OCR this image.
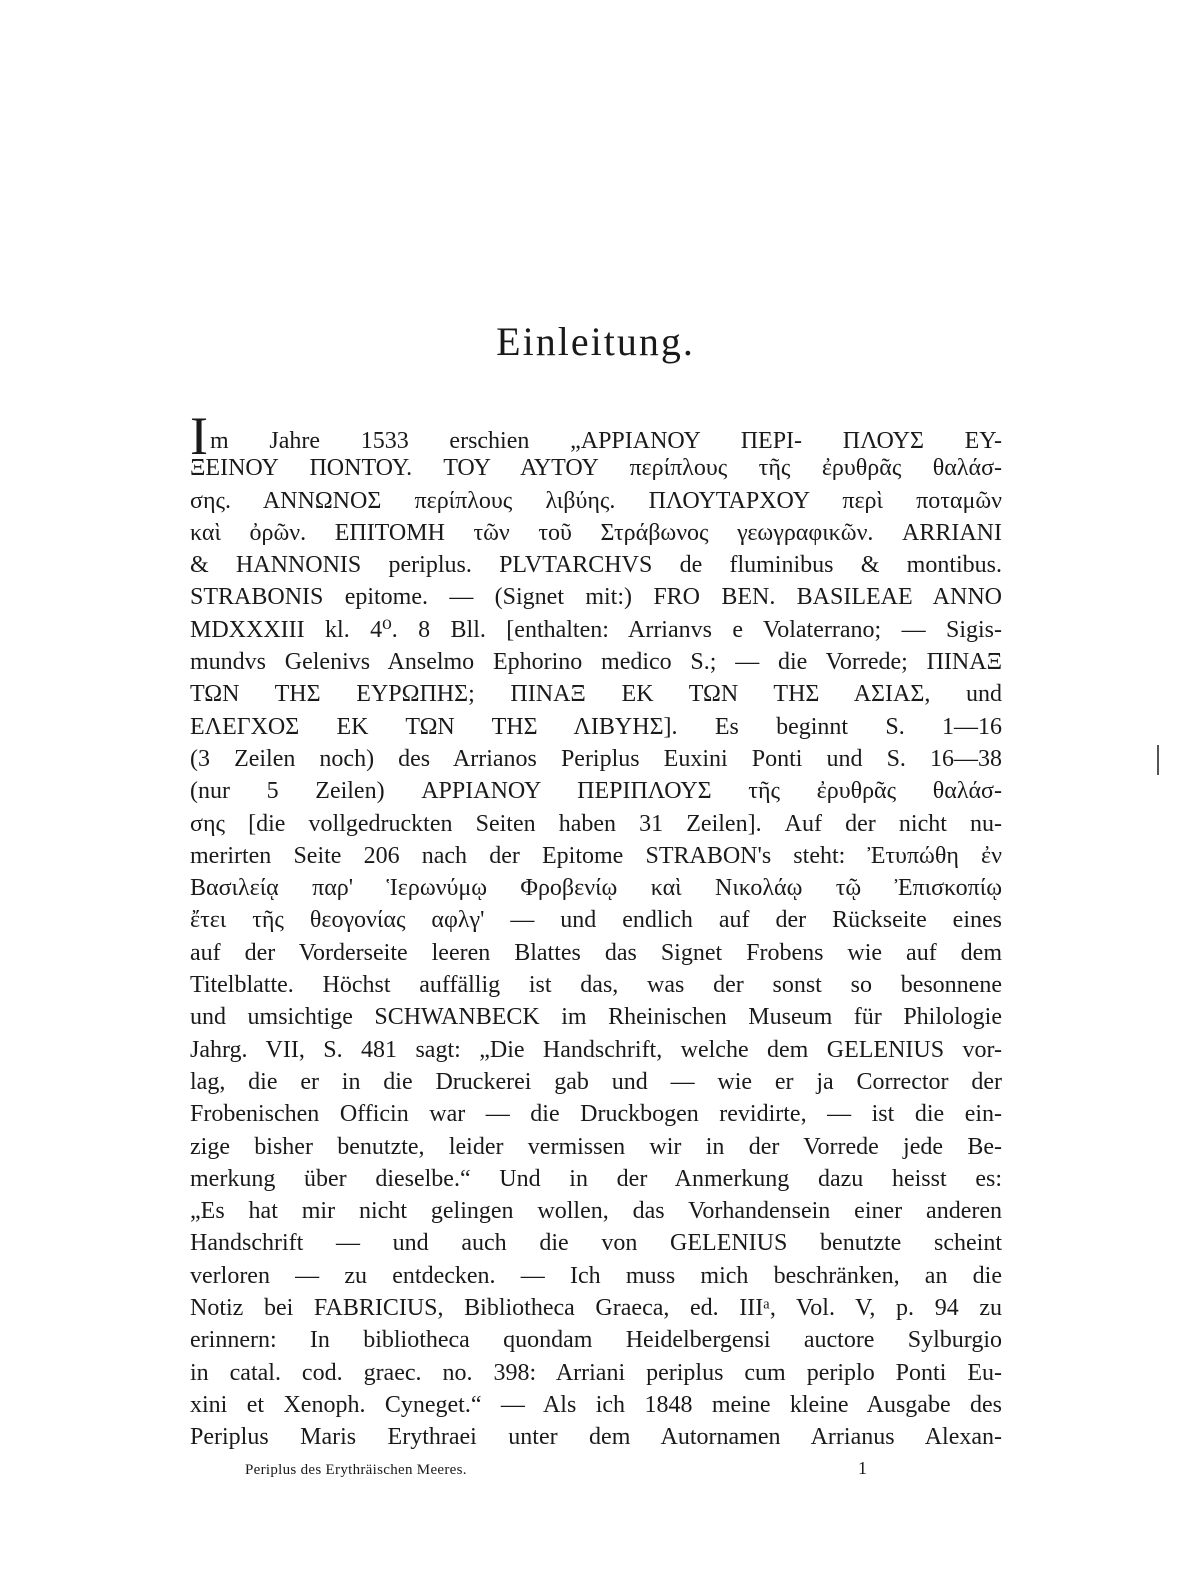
Einleitung.
Im Jahre 1533 erschien „ΑΡΡΙΑΝΟΥ ΠΕΡΙ- ΠΛΟΥΣ ΕΥ-
ΞΕΙΝΟΥ ΠΟΝΤΟΥ. ΤΟΥ ΑΥΤΟΥ περίπλους τῆς ἐρυθρᾶς θαλάσ-
σης. ΑΝΝΩΝΟΣ περίπλους λιβύης. ΠΛΟΥΤΑΡΧΟΥ περὶ ποταμῶν
καὶ ὀρῶν. ΕΠΙΤΟΜΗ τῶν τοῦ Στράβωνος γεωγραφικῶν. ARRIANI
& HANNONIS periplus. PLVTARCHVS de fluminibus & montibus.
STRABONIS epitome. — (Signet mit:) FRO BEN. BASILEAE ANNO
MDXXXIII kl. 4⁰. 8 Bll. [enthalten: Arrianvs e Volaterrano; — Sigis-
mundvs Gelenivs Anselmo Ephorino medico S.; — die Vorrede; ΠΙΝΑΞ
ΤΩΝ ΤΗΣ ΕΥΡΩΠΗΣ; ΠΙΝΑΞ ΕΚ ΤΩΝ ΤΗΣ ΑΣΙΑΣ, und
ΕΛΕΓΧΟΣ ΕΚ ΤΩΝ ΤΗΣ ΛΙΒΥΗΣ]. Es beginnt S. 1—16
(3 Zeilen noch) des Arrianos Periplus Euxini Ponti und S. 16—38
(nur 5 Zeilen) ΑΡΡΙΑΝΟΥ ΠΕΡΙΠΛΟΥΣ τῆς ἐρυθρᾶς θαλάσ-
σης [die vollgedruckten Seiten haben 31 Zeilen]. Auf der nicht nu-
merirten Seite 206 nach der Epitome STRABON's steht: Ἐτυπώθη ἐν
Βασιλείᾳ παρ' Ἱερωνύμῳ Φροβενίῳ καὶ Νικολάῳ τῷ Ἐπισκοπίῳ
ἔτει τῆς θεογονίας αφλγ' — und endlich auf der Rückseite eines
auf der Vorderseite leeren Blattes das Signet Frobens wie auf dem
Titelblatte. Höchst auffällig ist das, was der sonst so besonnene
und umsichtige SCHWANBECK im Rheinischen Museum für Philologie
Jahrg. VII, S. 481 sagt: „Die Handschrift, welche dem GELENIUS vor-
lag, die er in die Druckerei gab und — wie er ja Corrector der
Frobenischen Officin war — die Druckbogen revidirte, — ist die ein-
zige bisher benutzte, leider vermissen wir in der Vorrede jede Be-
merkung über dieselbe.“ Und in der Anmerkung dazu heisst es:
„Es hat mir nicht gelingen wollen, das Vorhandensein einer anderen
Handschrift — und auch die von GELENIUS benutzte scheint
verloren — zu entdecken. — Ich muss mich beschränken, an die
Notiz bei FABRICIUS, Bibliotheca Graeca, ed. IIIᵃ, Vol. V, p. 94 zu
erinnern: In bibliotheca quondam Heidelbergensi auctore Sylburgio
in catal. cod. graec. no. 398: Arriani periplus cum periplo Ponti Eu-
xini et Xenoph. Cyneget.“ — Als ich 1848 meine kleine Ausgabe des
Periplus Maris Erythraei unter dem Autornamen Arrianus Alexan-
Periplus des Erythräischen Meeres.	1
